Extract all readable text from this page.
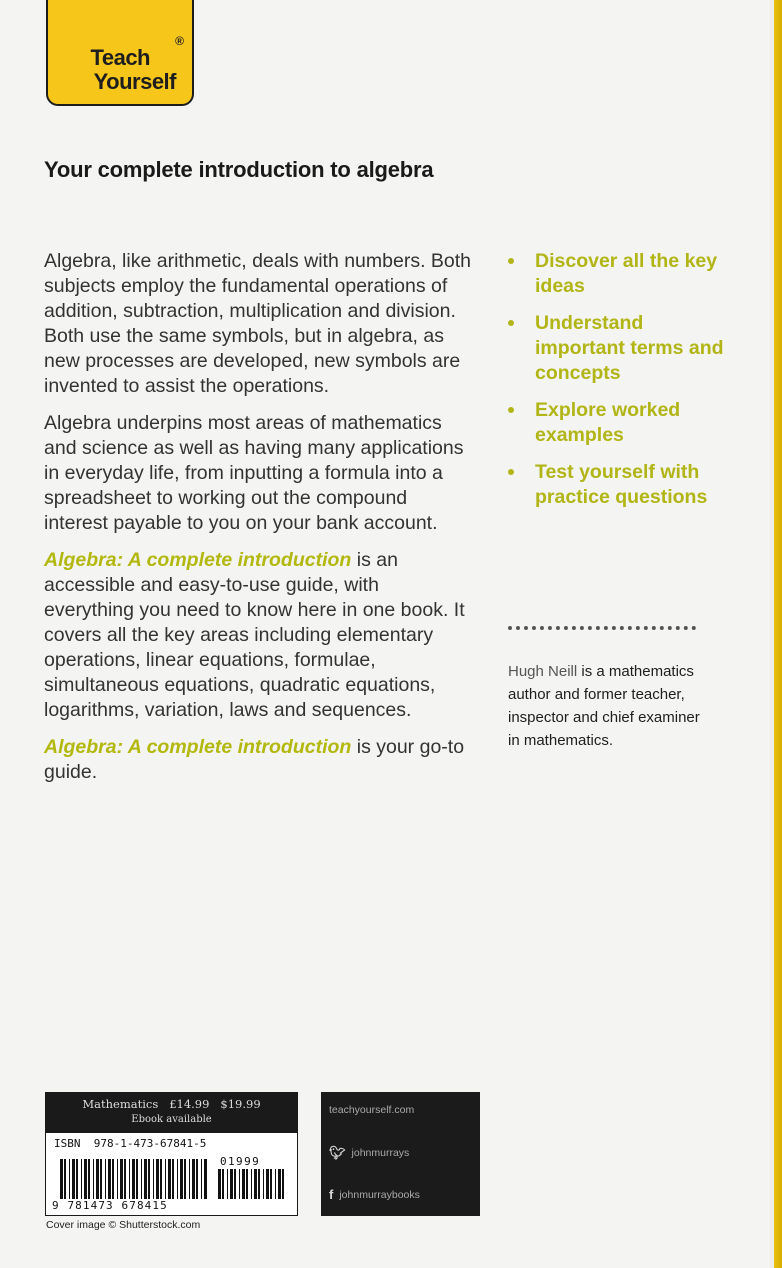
Teach
®
Yourself
Your complete introduction to algebra

Algebra, like arithmetic, deals with numbers. Both subjects employ the fundamental operations of addition, subtraction, multiplication and division. Both use the same symbols, but in algebra, as new processes are developed, new symbols are invented to assist the operations.

Algebra underpins most areas of mathematics and science as well as having many applications in everyday life, from inputting a formula into a spreadsheet to working out the compound interest payable to you on your bank account.

Algebra: A complete introduction is an accessible and easy-to-use guide, with everything you need to know here in one book. It covers all the key areas including elementary operations, linear equations, formulae, simultaneous equations, quadratic equations, logarithms, variation, laws and sequences.

Algebra: A complete introduction is your go-to guide.

Discover all the key ideas
Understand important terms and concepts
Explore worked examples
Test yourself with practice questions
Hugh Neill is a mathematics author and former teacher, inspector and chief examiner in mathematics.
Mathematics   £14.99   $19.99
Ebook available
ISBN  978-1-473-67841-5
01999
9 781473 678415
Cover image © Shutterstock.com
teachyourself.com
🐦︎ johnmurrays
f johnmurraybooks
